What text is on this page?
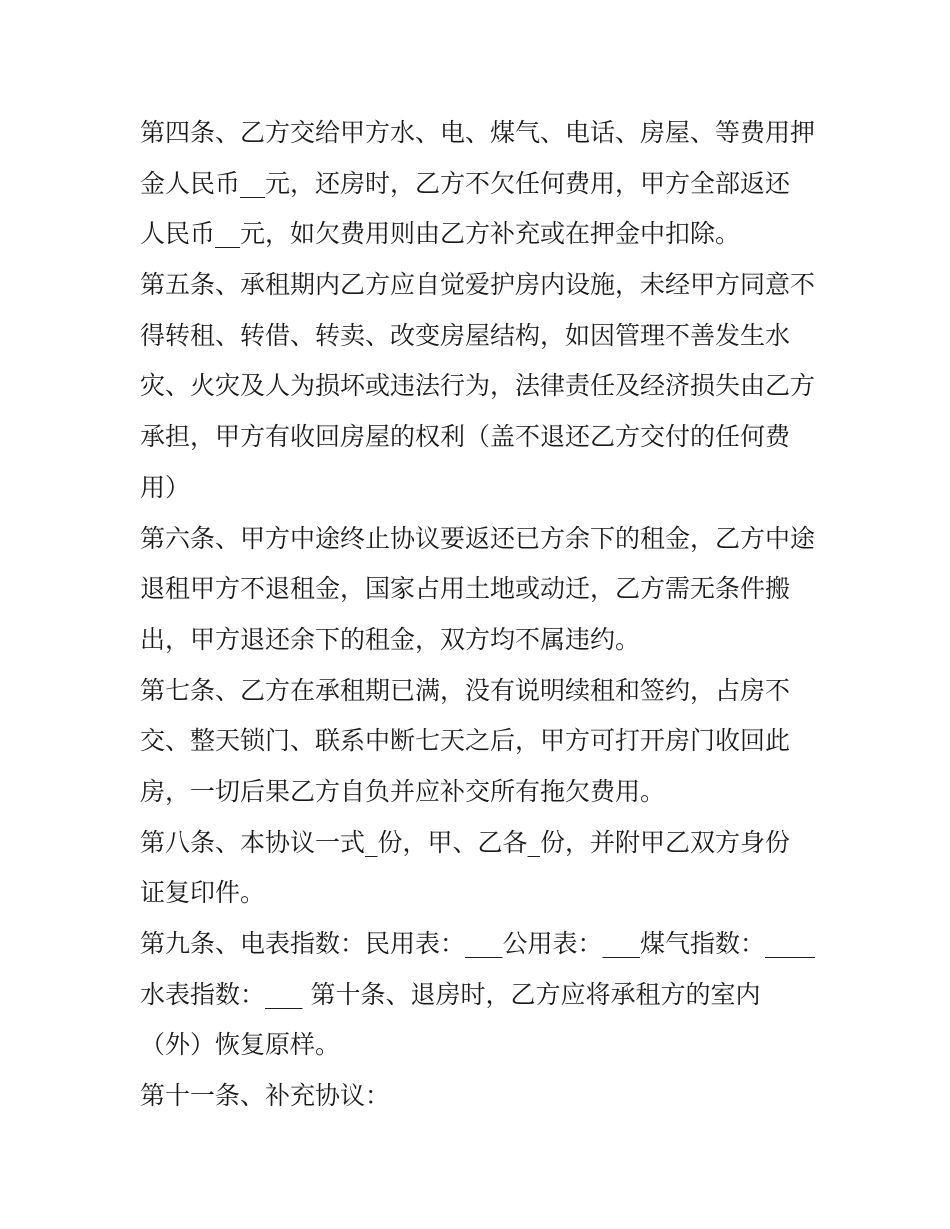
第四条、乙方交给甲方水、电、煤气、电话、房屋、等费用押
金人民币__元，还房时，乙方不欠任何费用，甲方全部返还
人民币__元，如欠费用则由乙方补充或在押金中扣除。
第五条、承租期内乙方应自觉爱护房内设施，未经甲方同意不
得转租、转借、转卖、改变房屋结构，如因管理不善发生水
灾、火灾及人为损坏或违法行为，法律责任及经济损失由乙方
承担，甲方有收回房屋的权利（盖不退还乙方交付的任何费
用）
第六条、甲方中途终止协议要返还已方余下的租金，乙方中途
退租甲方不退租金，国家占用土地或动迁，乙方需无条件搬
出，甲方退还余下的租金，双方均不属违约。
第七条、乙方在承租期已满，没有说明续租和签约，占房不
交、整天锁门、联系中断七天之后，甲方可打开房门收回此
房，一切后果乙方自负并应补交所有拖欠费用。
第八条、本协议一式_份，甲、乙各_份，并附甲乙双方身份
证复印件。
第九条、电表指数：民用表：___公用表：___煤气指数：____
水表指数：___ 第十条、退房时，乙方应将承租方的室内
（外）恢复原样。
第十一条、补充协议：
